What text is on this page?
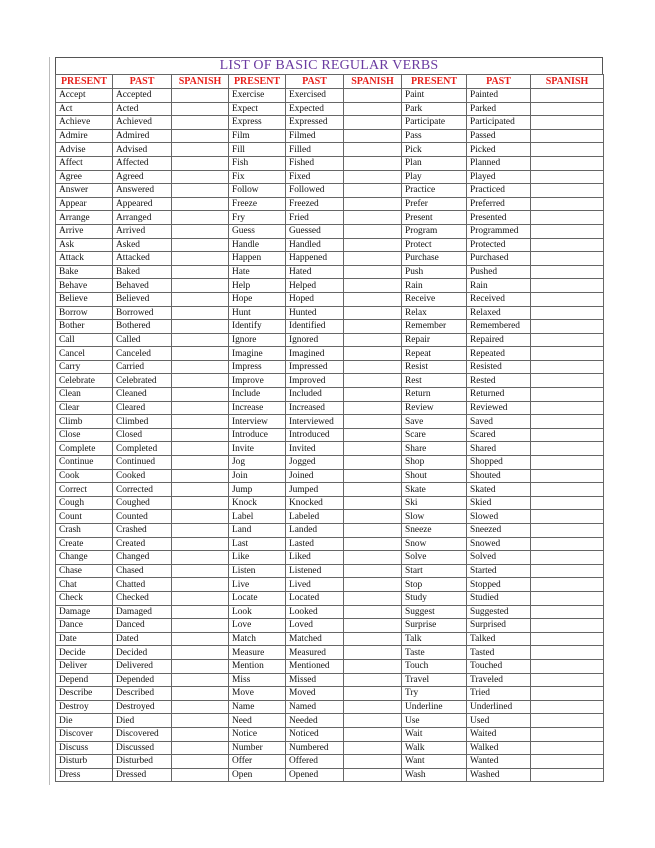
LIST OF BASIC REGULAR VERBS
PRESENT	PAST	SPANISH	PRESENT	PAST	SPANISH	PRESENT	PAST	SPANISH
Accept	Accepted		Exercise	Exercised		Paint	Painted	
Act	Acted		Expect	Expected		Park	Parked	
Achieve	Achieved		Express	Expressed		Participate	Participated	
Admire	Admired		Film	Filmed		Pass	Passed	
Advise	Advised		Fill	Filled		Pick	Picked	
Affect	Affected		Fish	Fished		Plan	Planned	
Agree	Agreed		Fix	Fixed		Play	Played	
Answer	Answered		Follow	Followed		Practice	Practiced	
Appear	Appeared		Freeze	Freezed		Prefer	Preferred	
Arrange	Arranged		Fry	Fried		Present	Presented	
Arrive	Arrived		Guess	Guessed		Program	Programmed	
Ask	Asked		Handle	Handled		Protect	Protected	
Attack	Attacked		Happen	Happened		Purchase	Purchased	
Bake	Baked		Hate	Hated		Push	Pushed	
Behave	Behaved		Help	Helped		Rain	Rain	
Believe	Believed		Hope	Hoped		Receive	Received	
Borrow	Borrowed		Hunt	Hunted		Relax	Relaxed	
Bother	Bothered		Identify	Identified		Remember	Remembered	
Call	Called		Ignore	Ignored		Repair	Repaired	
Cancel	Canceled		Imagine	Imagined		Repeat	Repeated	
Carry	Carried		Impress	Impressed		Resist	Resisted	
Celebrate	Celebrated		Improve	Improved		Rest	Rested	
Clean	Cleaned		Include	Included		Return	Returned	
Clear	Cleared		Increase	Increased		Review	Reviewed	
Climb	Climbed		Interview	Interviewed		Save	Saved	
Close	Closed		Introduce	Introduced		Scare	Scared	
Complete	Completed		Invite	Invited		Share	Shared	
Continue	Continued		Jog	Jogged		Shop	Shopped	
Cook	Cooked		Join	Joined		Shout	Shouted	
Correct	Corrected		Jump	Jumped		Skate	Skated	
Cough	Coughed		Knock	Knocked		Ski	Skied	
Count	Counted		Label	Labeled		Slow	Slowed	
Crash	Crashed		Land	Landed		Sneeze	Sneezed	
Create	Created		Last	Lasted		Snow	Snowed	
Change	Changed		Like	Liked		Solve	Solved	
Chase	Chased		Listen	Listened		Start	Started	
Chat	Chatted		Live	Lived		Stop	Stopped	
Check	Checked		Locate	Located		Study	Studied	
Damage	Damaged		Look	Looked		Suggest	Suggested	
Dance	Danced		Love	Loved		Surprise	Surprised	
Date	Dated		Match	Matched		Talk	Talked	
Decide	Decided		Measure	Measured		Taste	Tasted	
Deliver	Delivered		Mention	Mentioned		Touch	Touched	
Depend	Depended		Miss	Missed		Travel	Traveled	
Describe	Described		Move	Moved		Try	Tried	
Destroy	Destroyed		Name	Named		Underline	Underlined	
Die	Died		Need	Needed		Use	Used	
Discover	Discovered		Notice	Noticed		Wait	Waited	
Discuss	Discussed		Number	Numbered		Walk	Walked	
Disturb	Disturbed		Offer	Offered		Want	Wanted	
Dress	Dressed		Open	Opened		Wash	Washed	
